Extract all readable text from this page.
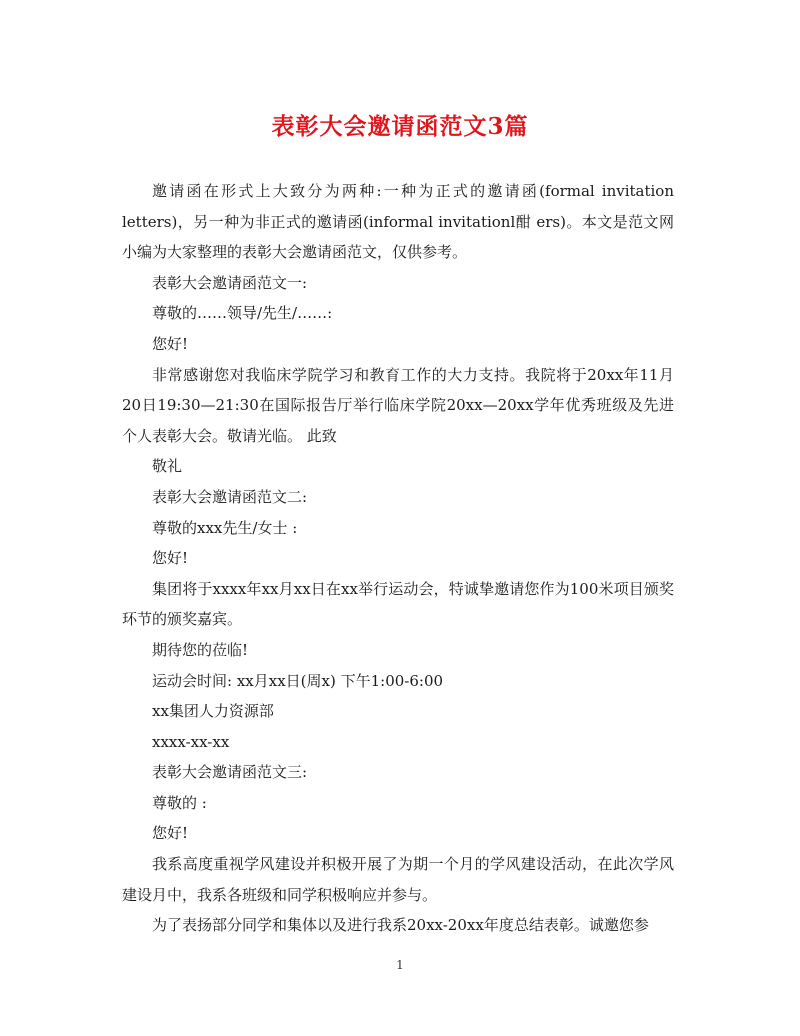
表彰大会邀请函范文3篇

邀请函在形式上大致分为两种:一种为正式的邀请函(formal invitation letters)，另一种为非正式的邀请函(informal invitationl酣 ers)。本文是范文网小编为大家整理的表彰大会邀请函范文，仅供参考。

表彰大会邀请函范文一:

尊敬的……领导/先生/……:

您好!

非常感谢您对我临床学院学习和教育工作的大力支持。我院将于20xx年11月20日19:30—21:30在国际报告厅举行临床学院20xx—20xx学年优秀班级及先进个人表彰大会。敬请光临。 此致

敬礼

表彰大会邀请函范文二:

尊敬的xxx先生/女士 :

您好!

集团将于xxxx年xx月xx日在xx举行运动会，特诚挚邀请您作为100米项目颁奖环节的颁奖嘉宾。

期待您的莅临!

运动会时间: xx月xx日(周x) 下午1:00-6:00

xx集团人力资源部

xxxx-xx-xx

表彰大会邀请函范文三:

尊敬的 :

您好!

我系高度重视学风建设并积极开展了为期一个月的学风建设活动，在此次学风建设月中，我系各班级和同学积极响应并参与。

为了表扬部分同学和集体以及进行我系20xx-20xx年度总结表彰。诚邀您参

1
